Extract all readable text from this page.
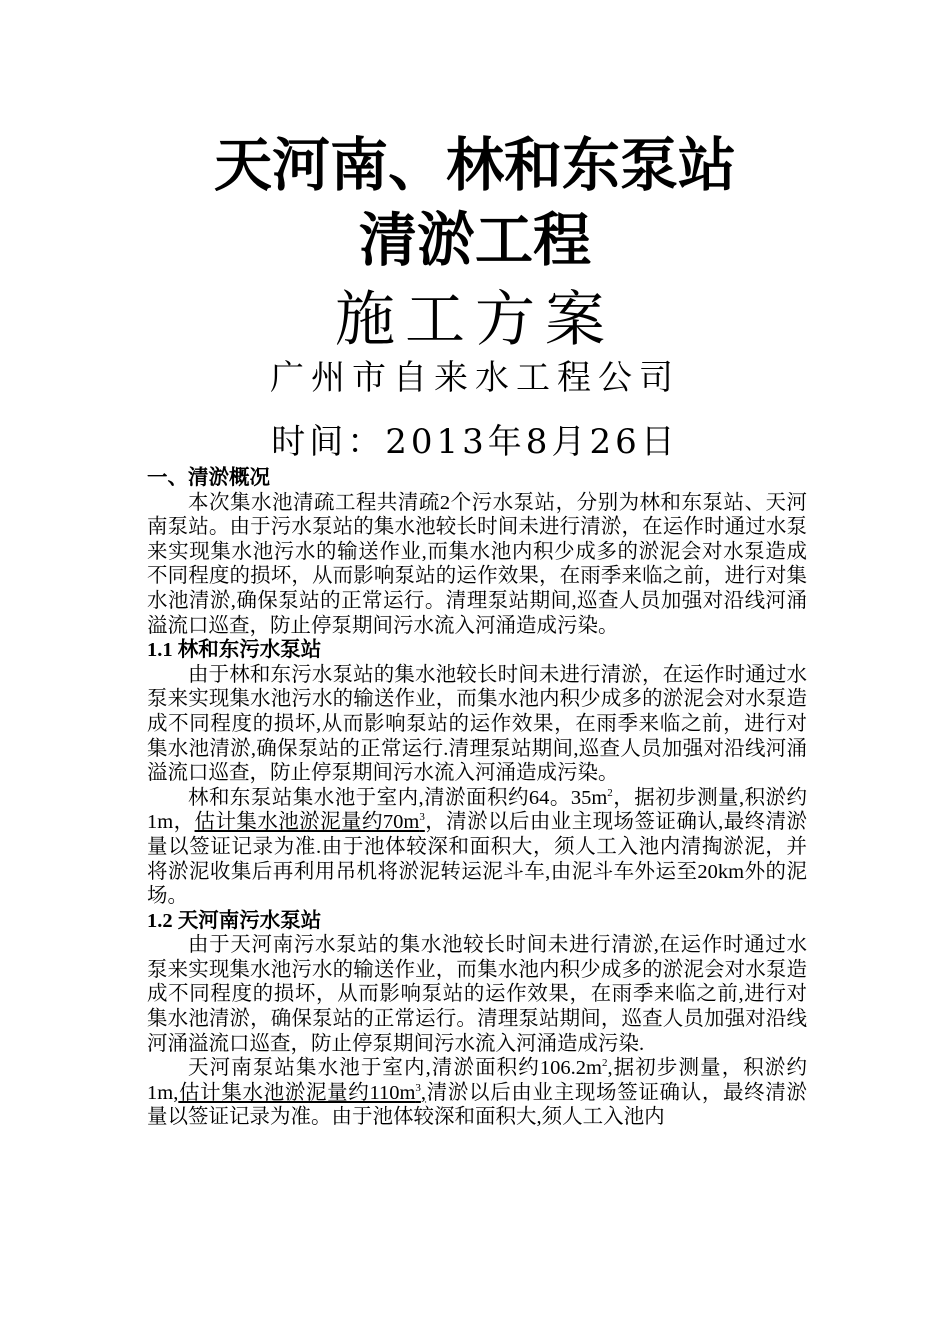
天河南、林和东泵站
清淤工程
施工方案
广州市自来水工程公司
时间：2013年8月26日

一、清淤概况

本次集水池清疏工程共清疏2个污水泵站，分别为林和东泵站、天河南泵站。由于污水泵站的集水池较长时间未进行清淤，在运作时通过水泵来实现集水池污水的输送作业,而集水池内积少成多的淤泥会对水泵造成不同程度的损坏，从而影响泵站的运作效果，在雨季来临之前，进行对集水池清淤,确保泵站的正常运行。清理泵站期间,巡查人员加强对沿线河涌溢流口巡查，防止停泵期间污水流入河涌造成污染。

1.1 林和东污水泵站

由于林和东污水泵站的集水池较长时间未进行清淤，在运作时通过水泵来实现集水池污水的输送作业，而集水池内积少成多的淤泥会对水泵造成不同程度的损坏,从而影响泵站的运作效果，在雨季来临之前，进行对集水池清淤,确保泵站的正常运行.清理泵站期间,巡查人员加强对沿线河涌溢流口巡查，防止停泵期间污水流入河涌造成污染。

林和东泵站集水池于室内,清淤面积约64。$35m^2$，据初步测量,积淤约1m，估计集水池淤泥量约$70m^3$，清淤以后由业主现场签证确认,最终清淤量以签证记录为准.由于池体较深和面积大，须人工入池内清掏淤泥，并将淤泥收集后再利用吊机将淤泥转运泥斗车,由泥斗车外运至20km外的泥场。

1.2 天河南污水泵站

由于天河南污水泵站的集水池较长时间未进行清淤,在运作时通过水泵来实现集水池污水的输送作业，而集水池内积少成多的淤泥会对水泵造成不同程度的损坏，从而影响泵站的运作效果，在雨季来临之前,进行对集水池清淤，确保泵站的正常运行。清理泵站期间，巡查人员加强对沿线河涌溢流口巡查，防止停泵期间污水流入河涌造成污染.

天河南泵站集水池于室内,清淤面积约$106.2m^2$,据初步测量，积淤约1m,估计集水池淤泥量约$110m^3$,清淤以后由业主现场签证确认，最终清淤量以签证记录为准。由于池体较深和面积大,须人工入池内
